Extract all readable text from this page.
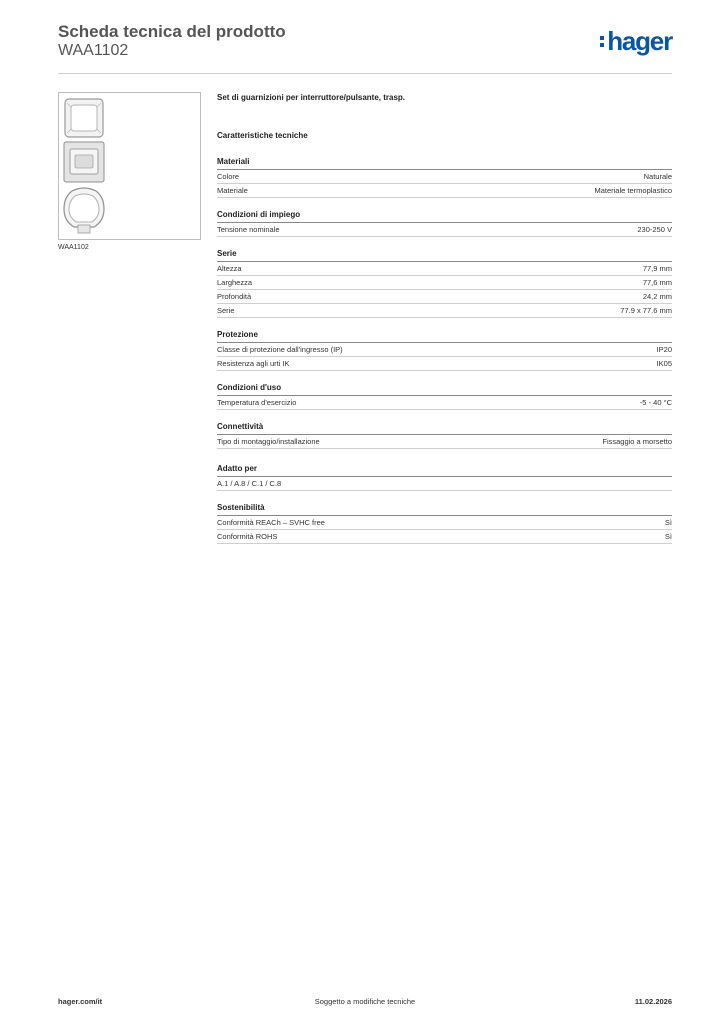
Scheda tecnica del prodotto
WAA1102	hager
WAA1102
Set di guarnizioni per interruttore/pulsante, trasp.
Caratteristiche tecniche
Materiali
Colore	Naturale
Materiale	Materiale termoplastico
Condizioni di impiego
Tensione nominale	230-250 V
Serie
Altezza	77,9 mm
Larghezza	77,6 mm
Profondità	24,2 mm
Serie	77.9 x 77.6 mm
Protezione
Classe di protezione dall'ingresso (IP)	IP20
Resistenza agli urti IK	IK05
Condizioni d'uso
Temperatura d'esercizio	-5 - 40 °C
Connettività
Tipo di montaggio/installazione	Fissaggio a morsetto
Adatto per
A.1 / A.8 / C.1 / C.8
Sostenibilità
Conformità REACh – SVHC free	Sì
Conformità ROHS	Sì
hager.com/it	Soggetto a modifiche tecniche	11.02.2026
